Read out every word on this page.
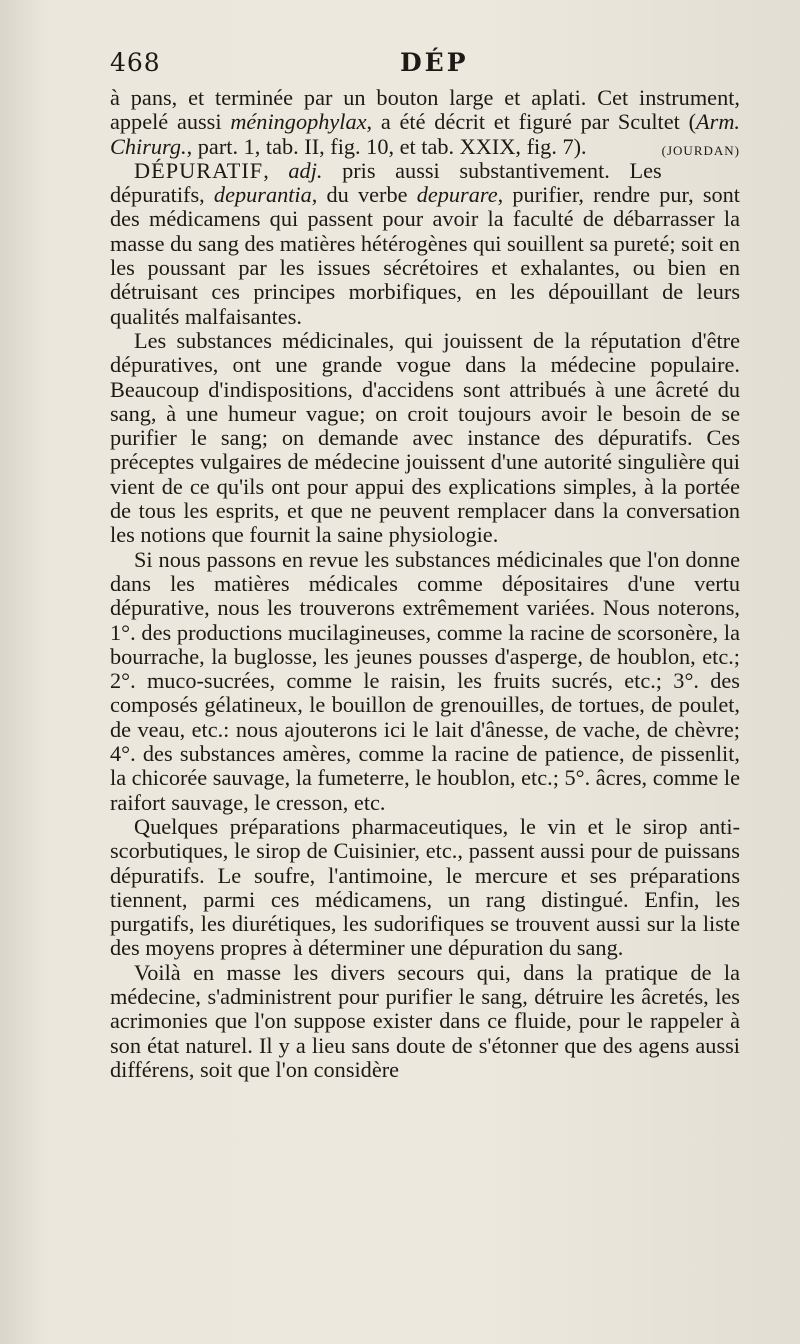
468	DÉP

à pans, et terminée par un bouton large et aplati. Cet instrument, appelé aussi méningophylax, a été décrit et figuré par Scultet (Arm. Chirurg., part. 1, tab. II, fig. 10, et tab. XXIX, fig. 7).	(JOURDAN)

DÉPURATIF, adj. pris aussi substantivement. Les dépuratifs, depurantia, du verbe depurare, purifier, rendre pur, sont des médicamens qui passent pour avoir la faculté de débarrasser la masse du sang des matières hétérogènes qui souillent sa pureté; soit en les poussant par les issues sécrétoires et exhalantes, ou bien en détruisant ces principes morbifiques, en les dépouillant de leurs qualités malfaisantes.

Les substances médicinales, qui jouissent de la réputation d'être dépuratives, ont une grande vogue dans la médecine populaire. Beaucoup d'indispositions, d'accidens sont attribués à une âcreté du sang, à une humeur vague; on croit toujours avoir le besoin de se purifier le sang; on demande avec instance des dépuratifs. Ces préceptes vulgaires de médecine jouissent d'une autorité singulière qui vient de ce qu'ils ont pour appui des explications simples, à la portée de tous les esprits, et que ne peuvent remplacer dans la conversation les notions que fournit la saine physiologie.

Si nous passons en revue les substances médicinales que l'on donne dans les matières médicales comme dépositaires d'une vertu dépurative, nous les trouverons extrêmement variées. Nous noterons, 1°. des productions mucilagineuses, comme la racine de scorsonère, la bourrache, la buglosse, les jeunes pousses d'asperge, de houblon, etc.; 2°. muco-sucrées, comme le raisin, les fruits sucrés, etc.; 3°. des composés gélatineux, le bouillon de grenouilles, de tortues, de poulet, de veau, etc.: nous ajouterons ici le lait d'ânesse, de vache, de chèvre; 4°. des substances amères, comme la racine de patience, de pissenlit, la chicorée sauvage, la fumeterre, le houblon, etc.; 5°. âcres, comme le raifort sauvage, le cresson, etc.

Quelques préparations pharmaceutiques, le vin et le sirop anti-scorbutiques, le sirop de Cuisinier, etc., passent aussi pour de puissans dépuratifs. Le soufre, l'antimoine, le mercure et ses préparations tiennent, parmi ces médicamens, un rang distingué. Enfin, les purgatifs, les diurétiques, les sudorifiques se trouvent aussi sur la liste des moyens propres à déterminer une dépuration du sang.

Voilà en masse les divers secours qui, dans la pratique de la médecine, s'administrent pour purifier le sang, détruire les âcretés, les acrimonies que l'on suppose exister dans ce fluide, pour le rappeler à son état naturel. Il y a lieu sans doute de s'étonner que des agens aussi différens, soit que l'on considère
